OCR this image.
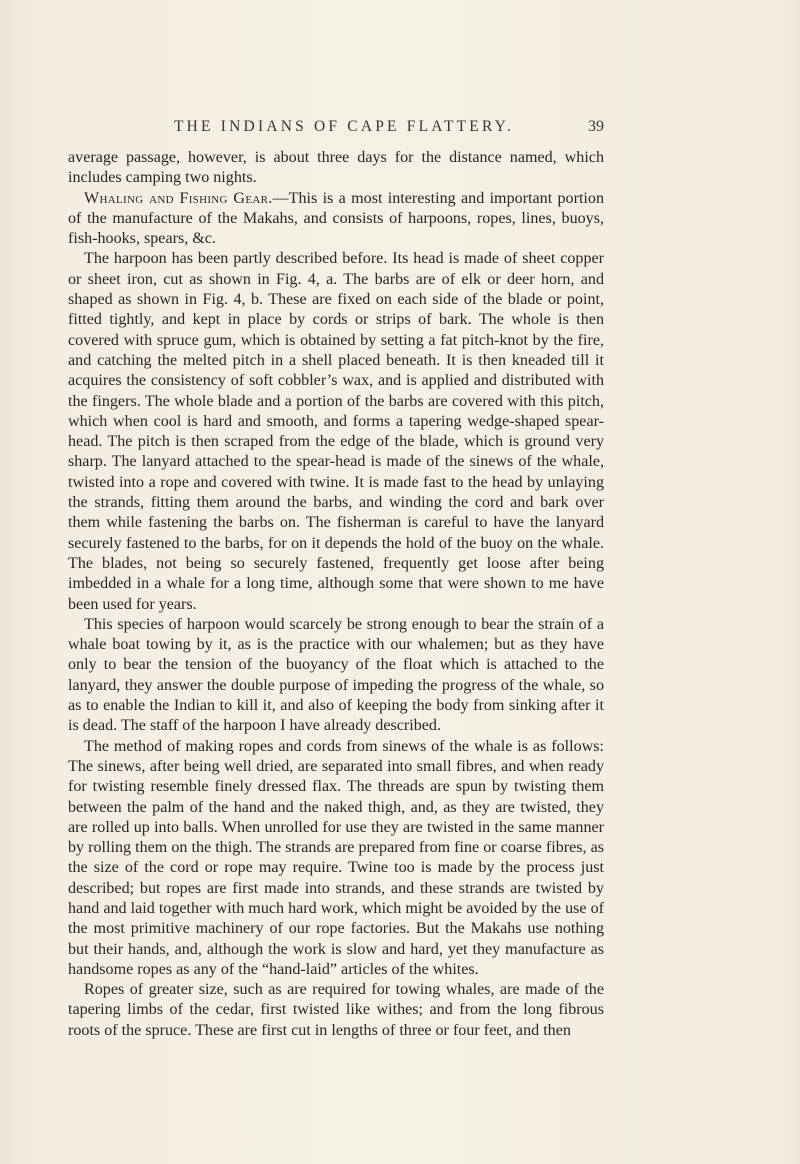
THE INDIANS OF CAPE FLATTERY.	39

average passage, however, is about three days for the distance named, which includes camping two nights.

Whaling and Fishing Gear.—This is a most interesting and important portion of the manufacture of the Makahs, and consists of harpoons, ropes, lines, buoys, fish-hooks, spears, &c.

The harpoon has been partly described before. Its head is made of sheet copper or sheet iron, cut as shown in Fig. 4, a. The barbs are of elk or deer horn, and shaped as shown in Fig. 4, b. These are fixed on each side of the blade or point, fitted tightly, and kept in place by cords or strips of bark. The whole is then covered with spruce gum, which is obtained by setting a fat pitch-knot by the fire, and catching the melted pitch in a shell placed beneath. It is then kneaded till it acquires the consistency of soft cobbler’s wax, and is applied and distributed with the fingers. The whole blade and a portion of the barbs are covered with this pitch, which when cool is hard and smooth, and forms a tapering wedge-shaped spear-head. The pitch is then scraped from the edge of the blade, which is ground very sharp. The lanyard attached to the spear-head is made of the sinews of the whale, twisted into a rope and covered with twine. It is made fast to the head by unlaying the strands, fitting them around the barbs, and winding the cord and bark over them while fastening the barbs on. The fisherman is careful to have the lanyard securely fastened to the barbs, for on it depends the hold of the buoy on the whale. The blades, not being so securely fastened, frequently get loose after being imbedded in a whale for a long time, although some that were shown to me have been used for years.

This species of harpoon would scarcely be strong enough to bear the strain of a whale boat towing by it, as is the practice with our whalemen; but as they have only to bear the tension of the buoyancy of the float which is attached to the lanyard, they answer the double purpose of impeding the progress of the whale, so as to enable the Indian to kill it, and also of keeping the body from sinking after it is dead. The staff of the harpoon I have already described.

The method of making ropes and cords from sinews of the whale is as follows: The sinews, after being well dried, are separated into small fibres, and when ready for twisting resemble finely dressed flax. The threads are spun by twisting them between the palm of the hand and the naked thigh, and, as they are twisted, they are rolled up into balls. When unrolled for use they are twisted in the same manner by rolling them on the thigh. The strands are prepared from fine or coarse fibres, as the size of the cord or rope may require. Twine too is made by the process just described; but ropes are first made into strands, and these strands are twisted by hand and laid together with much hard work, which might be avoided by the use of the most primitive machinery of our rope factories. But the Makahs use nothing but their hands, and, although the work is slow and hard, yet they manufacture as handsome ropes as any of the “hand-laid” articles of the whites.

Ropes of greater size, such as are required for towing whales, are made of the tapering limbs of the cedar, first twisted like withes; and from the long fibrous roots of the spruce. These are first cut in lengths of three or four feet, and then
